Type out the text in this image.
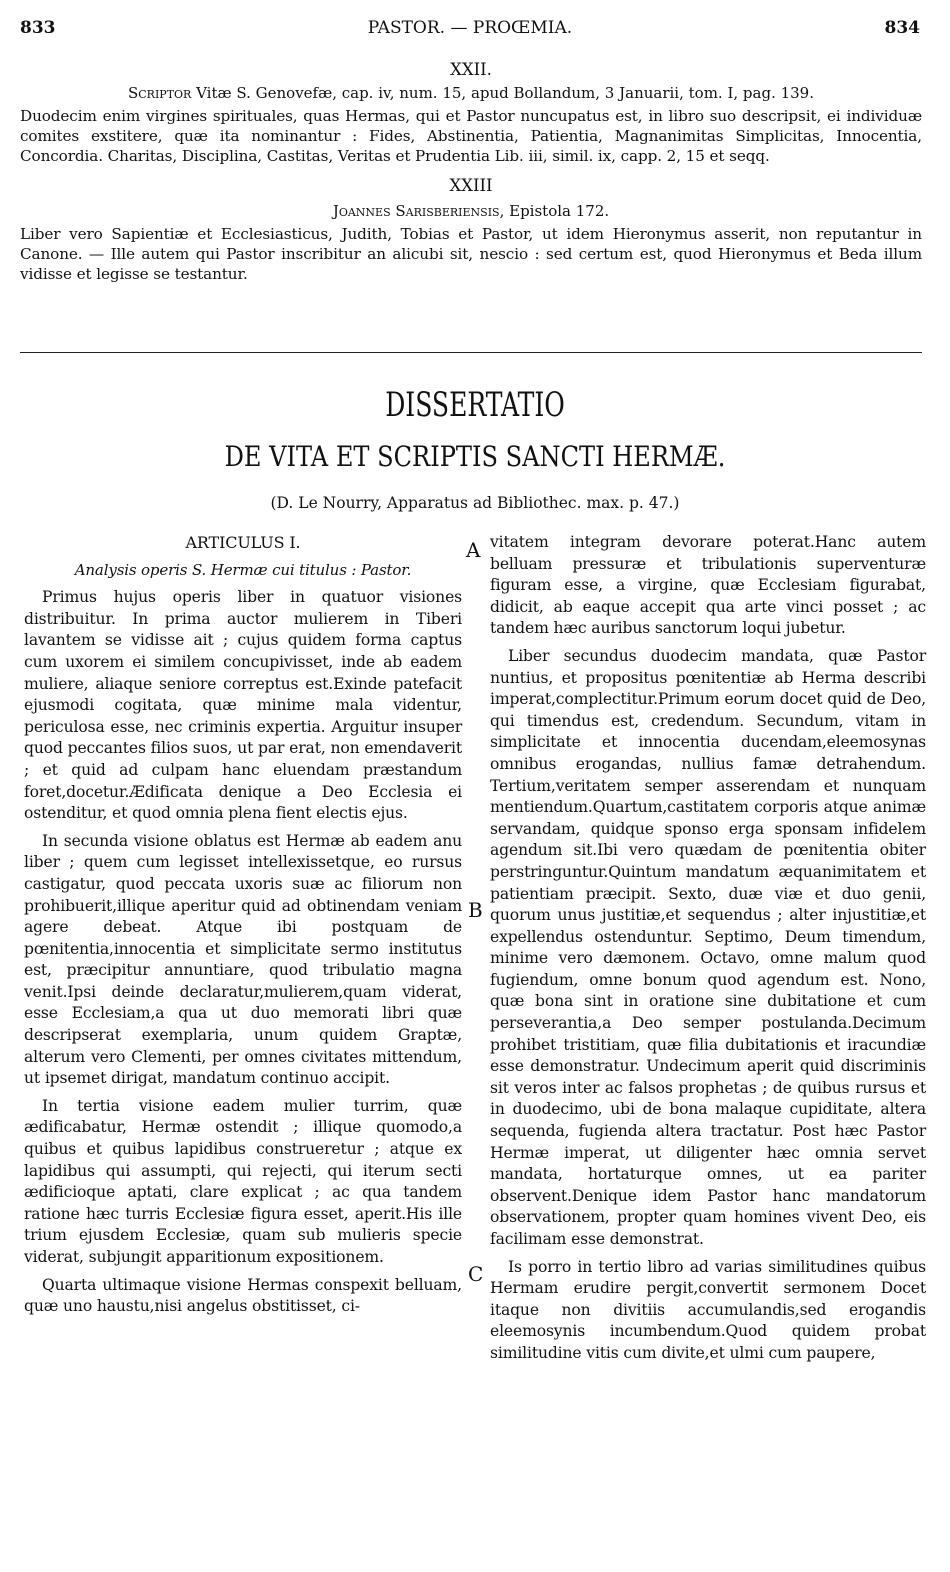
833	PASTOR. — PROŒMIA.	834

XXII.

Scriptor Vitæ S. Genovefæ, cap. iv, num. 15, apud Bollandum, 3 Januarii, tom. I, pag. 139.

Duodecim enim virgines spirituales, quas Hermas, qui et Pastor nuncupatus est, in libro suo descripsit, ei individuæ comites exstitere, quæ ita nominantur : Fides, Abstinentia, Patientia, Magnanimitas Simplicitas, Innocentia, Concordia. Charitas, Disciplina, Castitas, Veritas et Prudentia Lib. iii, simil. ix, capp. 2, 15 et seqq.

XXIII

Joannes Sarisberiensis, Epistola 172.

Liber vero Sapientiæ et Ecclesiasticus, Judith, Tobias et Pastor, ut idem Hieronymus asserit, non reputantur in Canone. — Ille autem qui Pastor inscribitur an alicubi sit, nescio : sed certum est, quod Hieronymus et Beda illum vidisse et legisse se testantur.

DISSERTATIO
DE VITA ET SCRIPTIS SANCTI HERMÆ.
(D. Le Nourry, Apparatus ad Bibliothec. max. p. 47.)

ARTICULUS I.

Analysis operis S. Hermæ cui titulus : Pastor.

Primus hujus operis liber in quatuor visiones distribuitur. In prima auctor mulierem in Tiberi lavantem se vidisse ait ; cujus quidem forma captus cum uxorem ei similem concupivisset, inde ab eadem muliere, aliaque seniore correptus est.Exinde patefacit ejusmodi cogitata, quæ minime mala videntur, periculosa esse, nec criminis expertia. Arguitur insuper quod peccantes filios suos, ut par erat, non emendaverit ; et quid ad culpam hanc eluendam præstandum foret,docetur.Ædificata denique a Deo Ecclesia ei ostenditur, et quod omnia plena fient electis ejus.

In secunda visione oblatus est Hermæ ab eadem anu liber ; quem cum legisset intellexissetque, eo rursus castigatur, quod peccata uxoris suæ ac filiorum non prohibuerit,illique aperitur quid ad obtinendam veniam agere debeat. Atque ibi postquam de pœnitentia,innocentia et simplicitate sermo institutus est, præcipitur annuntiare, quod tribulatio magna venit.Ipsi deinde declaratur,mulierem,quam viderat, esse Ecclesiam,a qua ut duo memorati libri quæ descripserat exemplaria, unum quidem Graptæ, alterum vero Clementi, per omnes civitates mittendum, ut ipsemet dirigat, mandatum continuo accipit.

In tertia visione eadem mulier turrim, quæ ædificabatur, Hermæ ostendit ; illique quomodo,a quibus et quibus lapidibus construeretur ; atque ex lapidibus qui assumpti, qui rejecti, qui iterum secti ædificioque aptati, clare explicat ; ac qua tandem ratione hæc turris Ecclesiæ figura esset, aperit.His ille trium ejusdem Ecclesiæ, quam sub mulieris specie viderat, subjungit apparitionum expositionem.

Quarta ultimaque visione Hermas conspexit belluam, quæ uno haustu,nisi angelus obstitisset, ci-

A
B
C

vitatem integram devorare poterat.Hanc autem belluam pressuræ et tribulationis superventuræ figuram esse, a virgine, quæ Ecclesiam figurabat, didicit, ab eaque accepit qua arte vinci posset ; ac tandem hæc auribus sanctorum loqui jubetur.

Liber secundus duodecim mandata, quæ Pastor nuntius, et propositus pœnitentiæ ab Herma describi imperat,complectitur.Primum eorum docet quid de Deo, qui timendus est, credendum. Secundum, vitam in simplicitate et innocentia ducendam,eleemosynas omnibus erogandas, nullius famæ detrahendum. Tertium,veritatem semper asserendam et nunquam mentiendum.Quartum,castitatem corporis atque animæ servandam, quidque sponso erga sponsam infidelem agendum sit.Ibi vero quædam de pœnitentia obiter perstringuntur.Quintum mandatum æquanimitatem et patientiam præcipit. Sexto, duæ viæ et duo genii, quorum unus justitiæ,et sequendus ; alter injustitiæ,et expellendus ostenduntur. Septimo, Deum timendum, minime vero dæmonem. Octavo, omne malum quod fugiendum, omne bonum quod agendum est. Nono, quæ bona sint in oratione sine dubitatione et cum perseverantia,a Deo semper postulanda.Decimum prohibet tristitiam, quæ filia dubitationis et iracundiæ esse demonstratur. Undecimum aperit quid discriminis sit veros inter ac falsos prophetas ; de quibus rursus et in duodecimo, ubi de bona malaque cupiditate, altera sequenda, fugienda altera tractatur. Post hæc Pastor Hermæ imperat, ut diligenter hæc omnia servet mandata, hortaturque omnes, ut ea pariter observent.Denique idem Pastor hanc mandatorum observationem, propter quam homines vivent Deo, eis facilimam esse demonstrat.

Is porro in tertio libro ad varias similitudines quibus Hermam erudire pergit,convertit sermonem Docet itaque non divitiis accumulandis,sed erogandis eleemosynis incumbendum.Quod quidem probat similitudine vitis cum divite,et ulmi cum paupere,
